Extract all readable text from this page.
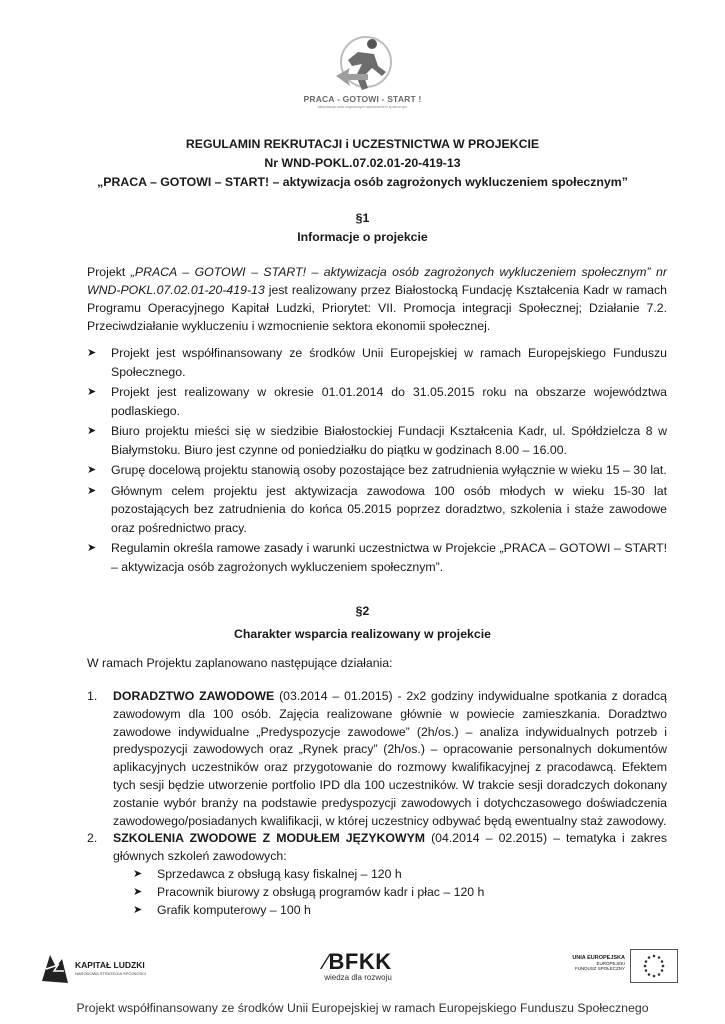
PRACA - GOTOWI - START !
aktywizacja osób zagrożonych wykluczeniem społecznym
REGULAMIN REKRUTACJI i UCZESTNICTWA W PROJEKCIE
Nr WND-POKL.07.02.01-20-419-13
„PRACA – GOTOWI – START! – aktywizacja osób zagrożonych wykluczeniem społecznym”
§1
Informacje o projekcie
Projekt „PRACA – GOTOWI – START! – aktywizacja osób zagrożonych wykluczeniem społecznym” nr WND-POKL.07.02.01-20-419-13 jest realizowany przez Białostocką Fundację Kształcenia Kadr w ramach Programu Operacyjnego Kapitał Ludzki, Priorytet: VII. Promocja integracji Społecznej; Działanie 7.2. Przeciwdziałanie wykluczeniu i wzmocnienie sektora ekonomii społecznej.
➤ Projekt jest współfinansowany ze środków Unii Europejskiej w ramach Europejskiego Funduszu Społecznego.
➤ Projekt jest realizowany w okresie 01.01.2014 do 31.05.2015 roku na obszarze województwa podlaskiego.
➤ Biuro projektu mieści się w siedzibie Białostockiej Fundacji Kształcenia Kadr, ul. Spółdzielcza 8 w Białymstoku. Biuro jest czynne od poniedziałku do piątku w godzinach 8.00 – 16.00.
➤ Grupę docelową projektu stanowią osoby pozostające bez zatrudnienia wyłącznie w wieku 15 – 30 lat.
➤ Głównym celem projektu jest aktywizacja zawodowa 100 osób młodych w wieku 15-30 lat pozostających bez zatrudnienia do końca 05.2015 poprzez doradztwo, szkolenia i staże zawodowe oraz pośrednictwo pracy.
➤ Regulamin określa ramowe zasady i warunki uczestnictwa w Projekcie „PRACA – GOTOWI – START! – aktywizacja osób zagrożonych wykluczeniem społecznym”.
§2
Charakter wsparcia realizowany w projekcie
W ramach Projektu zaplanowano następujące działania:
1. DORADZTWO ZAWODOWE (03.2014 – 01.2015) - 2x2 godziny indywidualne spotkania z doradcą zawodowym dla 100 osób. Zajęcia realizowane głównie w powiecie zamieszkania. Doradztwo zawodowe indywidualne „Predyspozycje zawodowe” (2h/os.) – analiza indywidualnych potrzeb i predyspozycji zawodowych oraz „Rynek pracy” (2h/os.) – opracowanie personalnych dokumentów aplikacyjnych uczestników oraz przygotowanie do rozmowy kwalifikacyjnej z pracodawcą. Efektem tych sesji będzie utworzenie portfolio IPD dla 100 uczestników. W trakcie sesji doradczych dokonany zostanie wybór branży na podstawie predyspozycji zawodowych i dotychczasowego doświadczenia zawodowego/posiadanych kwalifikacji, w której uczestnicy odbywać będą ewentualny staż zawodowy.
2. SZKOLENIA ZWODOWE Z MODUŁEM JĘZYKOWYM (04.2014 – 02.2015) – tematyka i zakres głównych szkoleń zawodowych:
➤ Sprzedawca z obsługą kasy fiskalnej – 120 h
➤ Pracownik biurowy z obsługą programów kadr i płac – 120 h
➤ Grafik komputerowy – 100 h
KAPITAŁ LUDZKI
NARODOWA STRATEGIA SPÓJNOŚCI	∕BFKK
wiedza dla rozwoju
UNIA EUROPEJSKA
EUROPEJSKI
FUNDUSZ SPOŁECZNY
Projekt współfinansowany ze środków Unii Europejskiej w ramach Europejskiego Funduszu Społecznego
